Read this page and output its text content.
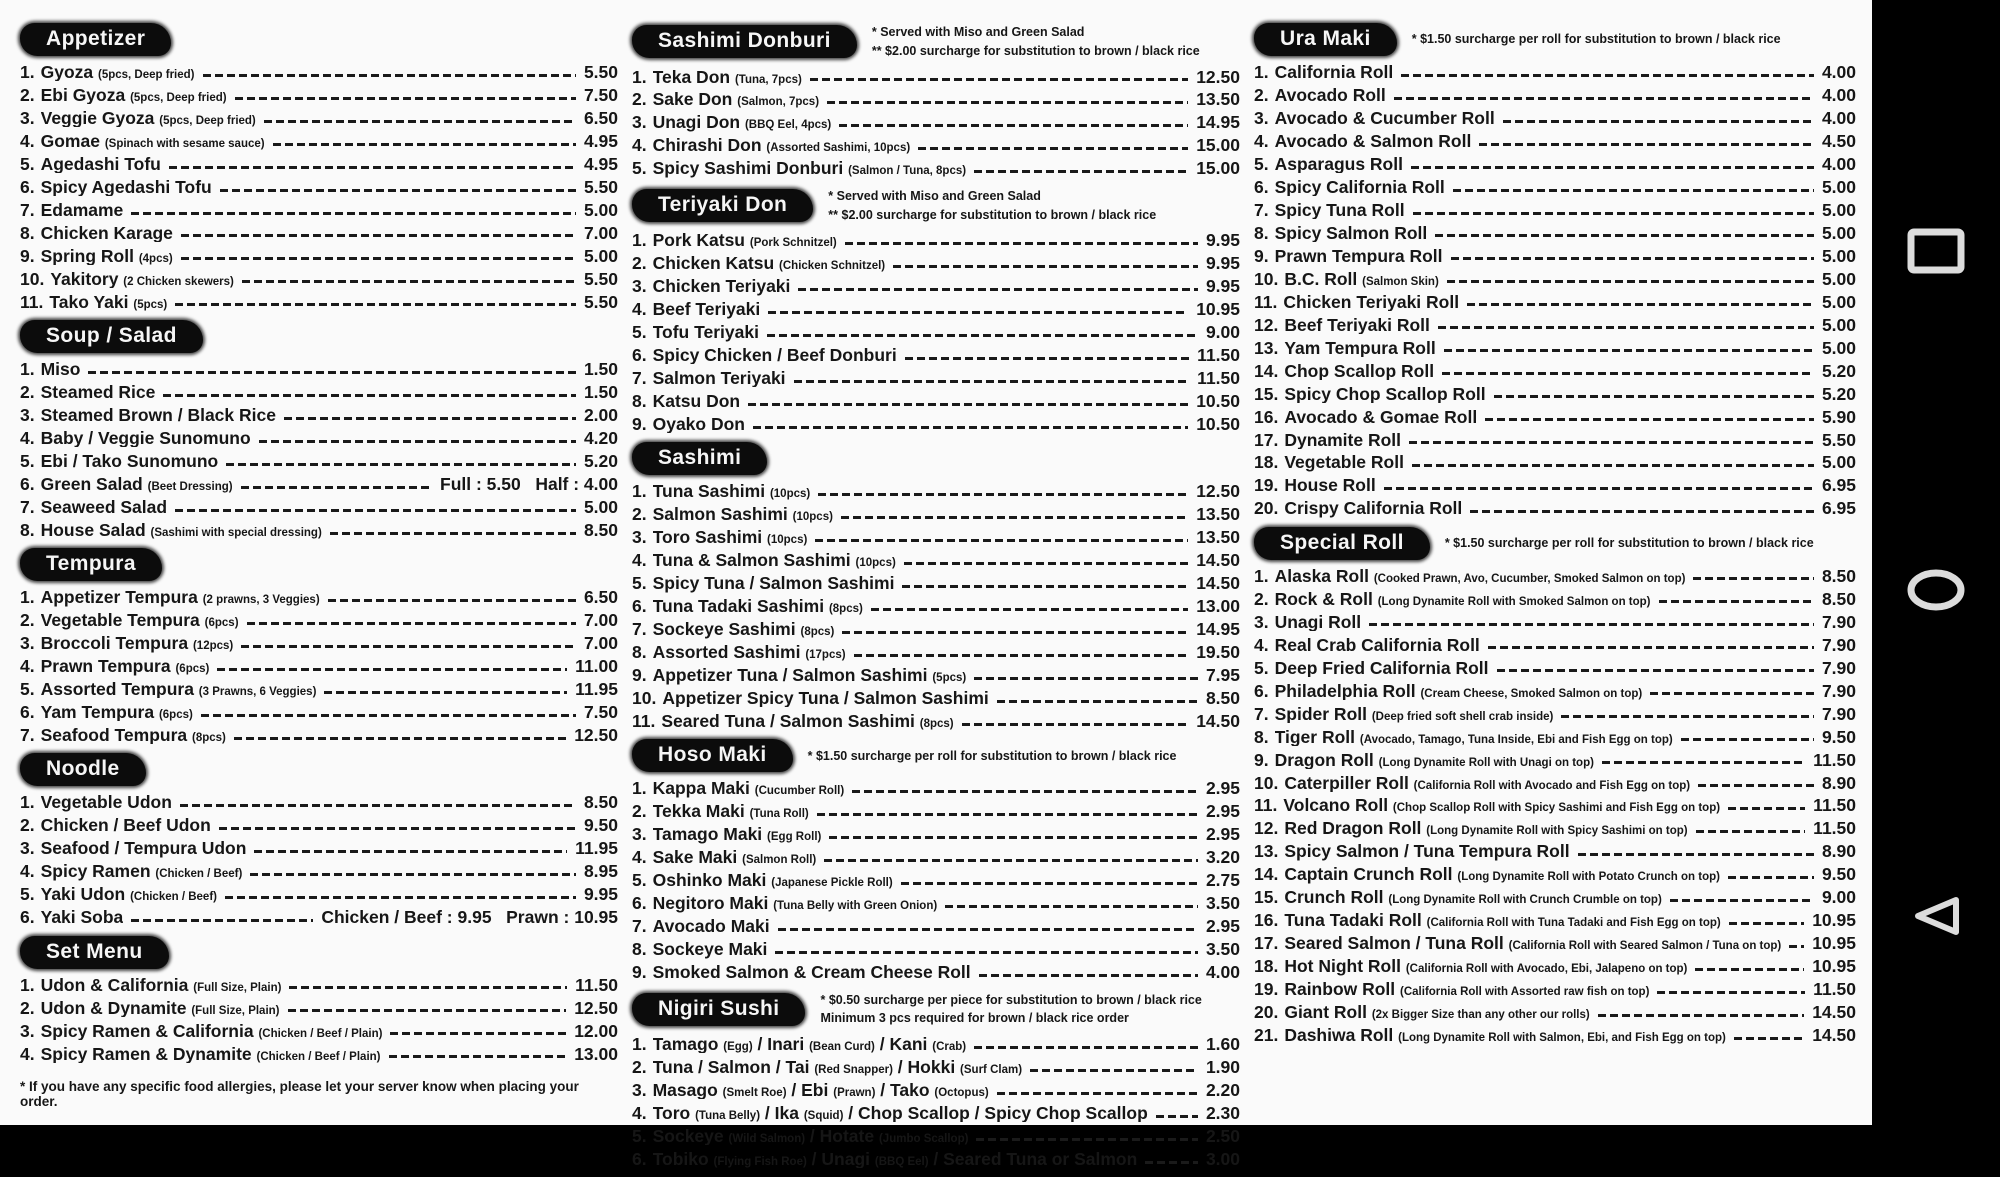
Appetizer
1. Gyoza (5pcs, Deep fried)	5.50
2. Ebi Gyoza (5pcs, Deep fried)	7.50
3. Veggie Gyoza (5pcs, Deep fried)	6.50
4. Gomae (Spinach with sesame sauce)	4.95
5. Agedashi Tofu	4.95
6. Spicy Agedashi Tofu	5.50
7. Edamame	5.00
8. Chicken Karage	7.00
9. Spring Roll (4pcs)	5.00
10. Yakitory (2 Chicken skewers)	5.50
11. Tako Yaki (5pcs)	5.50
Soup / Salad
1. Miso	1.50
2. Steamed Rice	1.50
3. Steamed Brown / Black Rice	2.00
4. Baby / Veggie Sunomuno	4.20
5. Ebi / Tako Sunomuno	5.20
6. Green Salad (Beet Dressing)	Full : 5.50   Half : 4.00
7. Seaweed Salad	5.00
8. House Salad (Sashimi with special dressing)	8.50
Tempura
1. Appetizer Tempura (2 prawns, 3 Veggies)	6.50
2. Vegetable Tempura (6pcs)	7.00
3. Broccoli Tempura (12pcs)	7.00
4. Prawn Tempura (6pcs)	11.00
5. Assorted Tempura (3 Prawns, 6 Veggies)	11.95
6. Yam Tempura (6pcs)	7.50
7. Seafood Tempura (8pcs)	12.50
Noodle
1. Vegetable Udon	8.50
2. Chicken / Beef Udon	9.50
3. Seafood / Tempura Udon	11.95
4. Spicy Ramen (Chicken / Beef)	8.95
5. Yaki Udon (Chicken / Beef)	9.95
6. Yaki Soba	Chicken / Beef : 9.95   Prawn : 10.95
Set Menu
1. Udon & California (Full Size, Plain)	11.50
2. Udon & Dynamite (Full Size, Plain)	12.50
3. Spicy Ramen & California (Chicken / Beef / Plain)	12.00
4. Spicy Ramen & Dynamite (Chicken / Beef / Plain)	13.00
* If you have any specific food allergies, please let your server know when placing your order.
Sashimi Donburi	* Served with Miso and Green Salad
** $2.00 surcharge for substitution to brown / black rice
1. Teka Don (Tuna, 7pcs)	12.50
2. Sake Don (Salmon, 7pcs)	13.50
3. Unagi Don (BBQ Eel, 4pcs)	14.95
4. Chirashi Don (Assorted Sashimi, 10pcs)	15.00
5. Spicy Sashimi Donburi (Salmon / Tuna, 8pcs)	15.00
Teriyaki Don	* Served with Miso and Green Salad
** $2.00 surcharge for substitution to brown / black rice
1. Pork Katsu (Pork Schnitzel)	9.95
2. Chicken Katsu (Chicken Schnitzel)	9.95
3. Chicken Teriyaki	9.95
4. Beef Teriyaki	10.95
5. Tofu Teriyaki	9.00
6. Spicy Chicken / Beef Donburi	11.50
7. Salmon Teriyaki	11.50
8. Katsu Don	10.50
9. Oyako Don	10.50
Sashimi
1. Tuna Sashimi (10pcs)	12.50
2. Salmon Sashimi (10pcs)	13.50
3. Toro Sashimi (10pcs)	13.50
4. Tuna & Salmon Sashimi (10pcs)	14.50
5. Spicy Tuna / Salmon Sashimi	14.50
6. Tuna Tadaki Sashimi (8pcs)	13.00
7. Sockeye Sashimi (8pcs)	14.95
8. Assorted Sashimi (17pcs)	19.50
9. Appetizer Tuna / Salmon Sashimi (5pcs)	7.95
10. Appetizer Spicy Tuna / Salmon Sashimi	8.50
11. Seared Tuna / Salmon Sashimi (8pcs)	14.50
Hoso Maki	* $1.50 surcharge per roll for substitution to brown / black rice
1. Kappa Maki (Cucumber Roll)	2.95
2. Tekka Maki (Tuna Roll)	2.95
3. Tamago Maki (Egg Roll)	2.95
4. Sake Maki (Salmon Roll)	3.20
5. Oshinko Maki (Japanese Pickle Roll)	2.75
6. Negitoro Maki (Tuna Belly with Green Onion)	3.50
7. Avocado Maki	2.95
8. Sockeye Maki	3.50
9. Smoked Salmon & Cream Cheese Roll	4.00
Nigiri Sushi	* $0.50 surcharge per piece for substitution to brown / black rice
Minimum 3 pcs required for brown / black rice order
1. Tamago (Egg) / Inari (Bean Curd) / Kani (Crab)	1.60
2. Tuna / Salmon / Tai (Red Snapper) / Hokki (Surf Clam)	1.90
3. Masago (Smelt Roe) / Ebi (Prawn) / Tako (Octopus)	2.20
4. Toro (Tuna Belly) / Ika (Squid) / Chop Scallop / Spicy Chop Scallop	2.30
5. Sockeye (Wild Salmon) / Hotate (Jumbo Scallop)	2.50
6. Tobiko (Flying Fish Roe) / Unagi (BBQ Eel) / Seared Tuna or Salmon	3.00
Ura Maki	* $1.50 surcharge per roll for substitution to brown / black rice
1. California Roll	4.00
2. Avocado Roll	4.00
3. Avocado & Cucumber Roll	4.00
4. Avocado & Salmon Roll	4.50
5. Asparagus Roll	4.00
6. Spicy California Roll	5.00
7. Spicy Tuna Roll	5.00
8. Spicy Salmon Roll	5.00
9. Prawn Tempura Roll	5.00
10. B.C. Roll (Salmon Skin)	5.00
11. Chicken Teriyaki Roll	5.00
12. Beef Teriyaki Roll	5.00
13. Yam Tempura Roll	5.00
14. Chop Scallop Roll	5.20
15. Spicy Chop Scallop Roll	5.20
16. Avocado & Gomae Roll	5.90
17. Dynamite Roll	5.50
18. Vegetable Roll	5.00
19. House Roll	6.95
20. Crispy California Roll	6.95
Special Roll	* $1.50 surcharge per roll for substitution to brown / black rice
1. Alaska Roll (Cooked Prawn, Avo, Cucumber, Smoked Salmon on top)	8.50
2. Rock & Roll (Long Dynamite Roll with Smoked Salmon on top)	8.50
3. Unagi Roll	7.90
4. Real Crab California Roll	7.90
5. Deep Fried California Roll	7.90
6. Philadelphia Roll (Cream Cheese, Smoked Salmon on top)	7.90
7. Spider Roll (Deep fried soft shell crab inside)	7.90
8. Tiger Roll (Avocado, Tamago, Tuna Inside, Ebi and Fish Egg on top)	9.50
9. Dragon Roll (Long Dynamite Roll with Unagi on top)	11.50
10. Caterpiller Roll (California Roll with Avocado and Fish Egg on top)	8.90
11. Volcano Roll (Chop Scallop Roll with Spicy Sashimi and Fish Egg on top)	11.50
12. Red Dragon Roll (Long Dynamite Roll with Spicy Sashimi on top)	11.50
13. Spicy Salmon / Tuna Tempura Roll	8.90
14. Captain Crunch Roll (Long Dynamite Roll with Potato Crunch on top)	9.50
15. Crunch Roll (Long Dynamite Roll with Crunch Crumble on top)	9.00
16. Tuna Tadaki Roll (California Roll with Tuna Tadaki and Fish Egg on top)	10.95
17. Seared Salmon / Tuna Roll (California Roll with Seared Salmon / Tuna on top) 10.95
18. Hot Night Roll (California Roll with Avocado, Ebi, Jalapeno on top)	10.95
19. Rainbow Roll (California Roll with Assorted raw fish on top)	11.50
20. Giant Roll (2x Bigger Size than any other our rolls)	14.50
21. Dashiwa Roll (Long Dynamite Roll with Salmon, Ebi, and Fish Egg on top)	14.50
